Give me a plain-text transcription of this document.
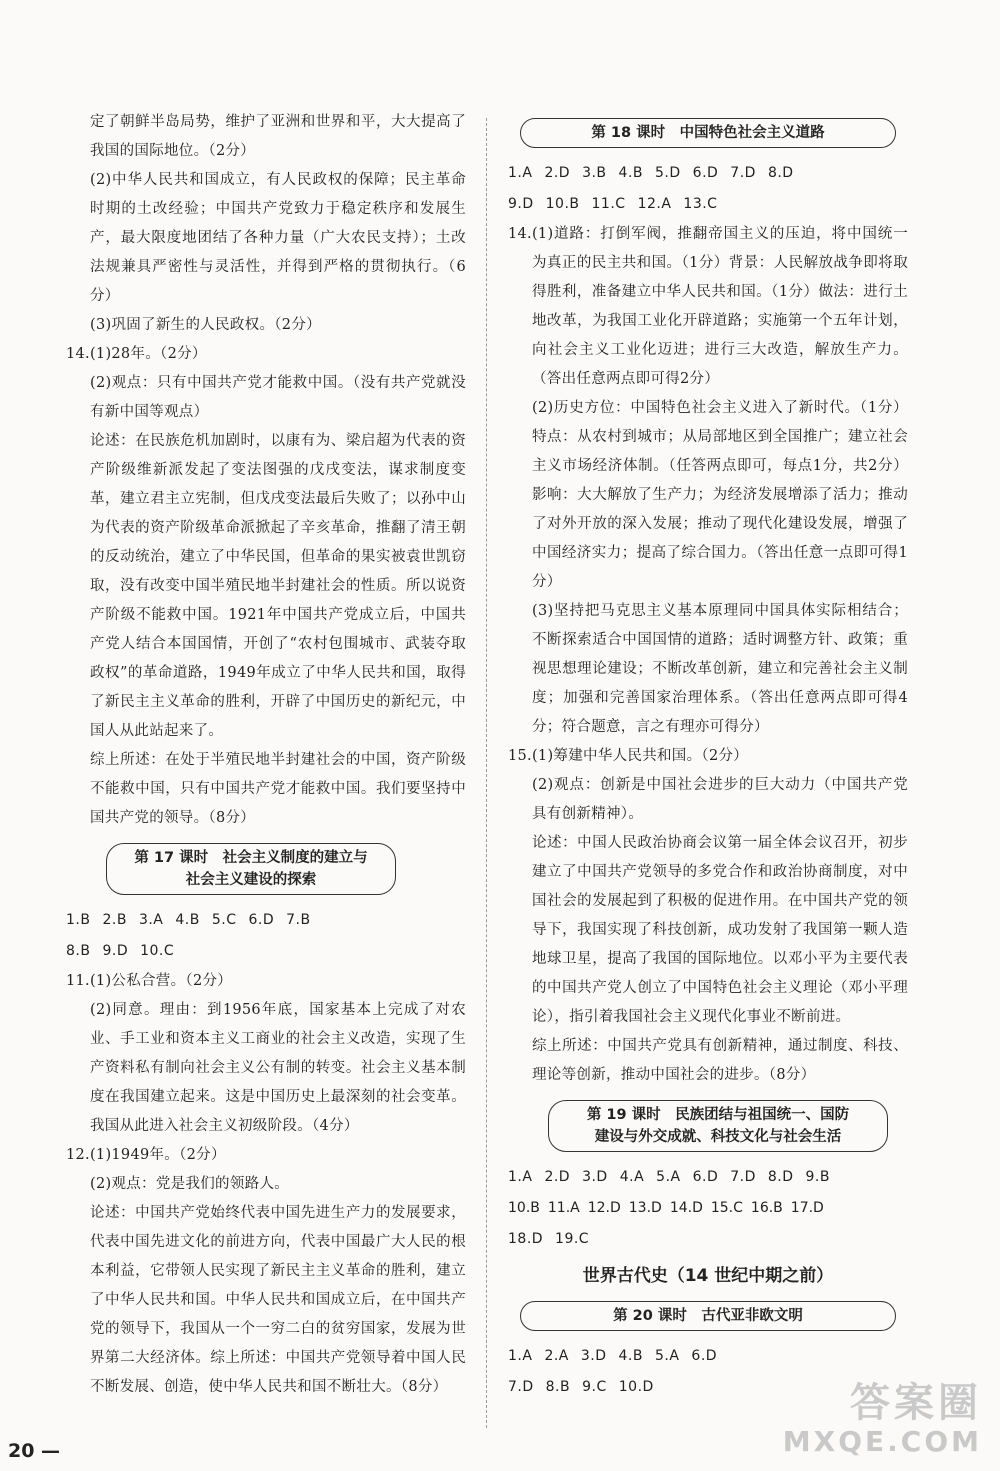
定了朝鲜半岛局势，维护了亚洲和世界和平，大大提高了我国的国际地位。（2分）

(2)中华人民共和国成立，有人民政权的保障；民主革命时期的土改经验；中国共产党致力于稳定秩序和发展生产，最大限度地团结了各种力量（广大农民支持）；土改法规兼具严密性与灵活性，并得到严格的贯彻执行。（6分）

(3)巩固了新生的人民政权。（2分）

14.(1)28年。（2分）

(2)观点：只有中国共产党才能救中国。（没有共产党就没有新中国等观点）

论述：在民族危机加剧时，以康有为、梁启超为代表的资产阶级维新派发起了变法图强的戊戌变法，谋求制度变革，建立君主立宪制，但戊戌变法最后失败了；以孙中山为代表的资产阶级革命派掀起了辛亥革命，推翻了清王朝的反动统治，建立了中华民国，但革命的果实被袁世凯窃取，没有改变中国半殖民地半封建社会的性质。所以说资产阶级不能救中国。1921年中国共产党成立后，中国共产党人结合本国国情，开创了“农村包围城市、武装夺取政权”的革命道路，1949年成立了中华人民共和国，取得了新民主主义革命的胜利，开辟了中国历史的新纪元，中国人从此站起来了。

综上所述：在处于半殖民地半封建社会的中国，资产阶级不能救中国，只有中国共产党才能救中国。我们要坚持中国共产党的领导。（8分）

第 17 课时　社会主义制度的建立与
社会主义建设的探索

1.B 2.B 3.A 4.B 5.C 6.D 7.B

8.B 9.D 10.C

11.(1)公私合营。（2分）

(2)同意。理由：到1956年底，国家基本上完成了对农业、手工业和资本主义工商业的社会主义改造，实现了生产资料私有制向社会主义公有制的转变。社会主义基本制度在我国建立起来。这是中国历史上最深刻的社会变革。我国从此进入社会主义初级阶段。（4分）

12.(1)1949年。（2分）

(2)观点：党是我们的领路人。

论述：中国共产党始终代表中国先进生产力的发展要求，代表中国先进文化的前进方向，代表中国最广大人民的根本利益，它带领人民实现了新民主主义革命的胜利，建立了中华人民共和国。中华人民共和国成立后，在中国共产党的领导下，我国从一个一穷二白的贫穷国家，发展为世界第二大经济体。综上所述：中国共产党领导着中国人民不断发展、创造，使中华人民共和国不断壮大。（8分）

第 18 课时　中国特色社会主义道路

1.A 2.D 3.B 4.B 5.D 6.D 7.D 8.D

9.D 10.B 11.C 12.A 13.C

14.(1)道路：打倒军阀，推翻帝国主义的压迫，将中国统一为真正的民主共和国。（1分）背景：人民解放战争即将取得胜利，准备建立中华人民共和国。（1分）做法：进行土地改革，为我国工业化开辟道路；实施第一个五年计划，向社会主义工业化迈进；进行三大改造，解放生产力。（答出任意两点即可得2分）

(2)历史方位：中国特色社会主义进入了新时代。（1分）特点：从农村到城市；从局部地区到全国推广；建立社会主义市场经济体制。（任答两点即可，每点1分，共2分）影响：大大解放了生产力；为经济发展增添了活力；推动了对外开放的深入发展；推动了现代化建设发展，增强了中国经济实力；提高了综合国力。（答出任意一点即可得1分）

(3)坚持把马克思主义基本原理同中国具体实际相结合；不断探索适合中国国情的道路；适时调整方针、政策；重视思想理论建设；不断改革创新，建立和完善社会主义制度；加强和完善国家治理体系。（答出任意两点即可得4分；符合题意，言之有理亦可得分）

15.(1)筹建中华人民共和国。（2分）

(2)观点：创新是中国社会进步的巨大动力（中国共产党具有创新精神）。

论述：中国人民政治协商会议第一届全体会议召开，初步建立了中国共产党领导的多党合作和政治协商制度，对中国社会的发展起到了积极的促进作用。在中国共产党的领导下，我国实现了科技创新，成功发射了我国第一颗人造地球卫星，提高了我国的国际地位。以邓小平为主要代表的中国共产党人创立了中国特色社会主义理论（邓小平理论），指引着我国社会主义现代化事业不断前进。

综上所述：中国共产党具有创新精神，通过制度、科技、理论等创新，推动中国社会的进步。（8分）

第 19 课时　民族团结与祖国统一、国防
建设与外交成就、科技文化与社会生活

1.A 2.D 3.D 4.A 5.A 6.D 7.D 8.D 9.B

10.B 11.A 12.D 13.D 14.D 15.C 16.B 17.D

18.D 19.C

世界古代史（14 世纪中期之前）
第 20 课时　古代亚非欧文明

1.A 2.A 3.D 4.B 5.A 6.D

7.D 8.B 9.C 10.D

20 —
答案圈
MXQE.COM
